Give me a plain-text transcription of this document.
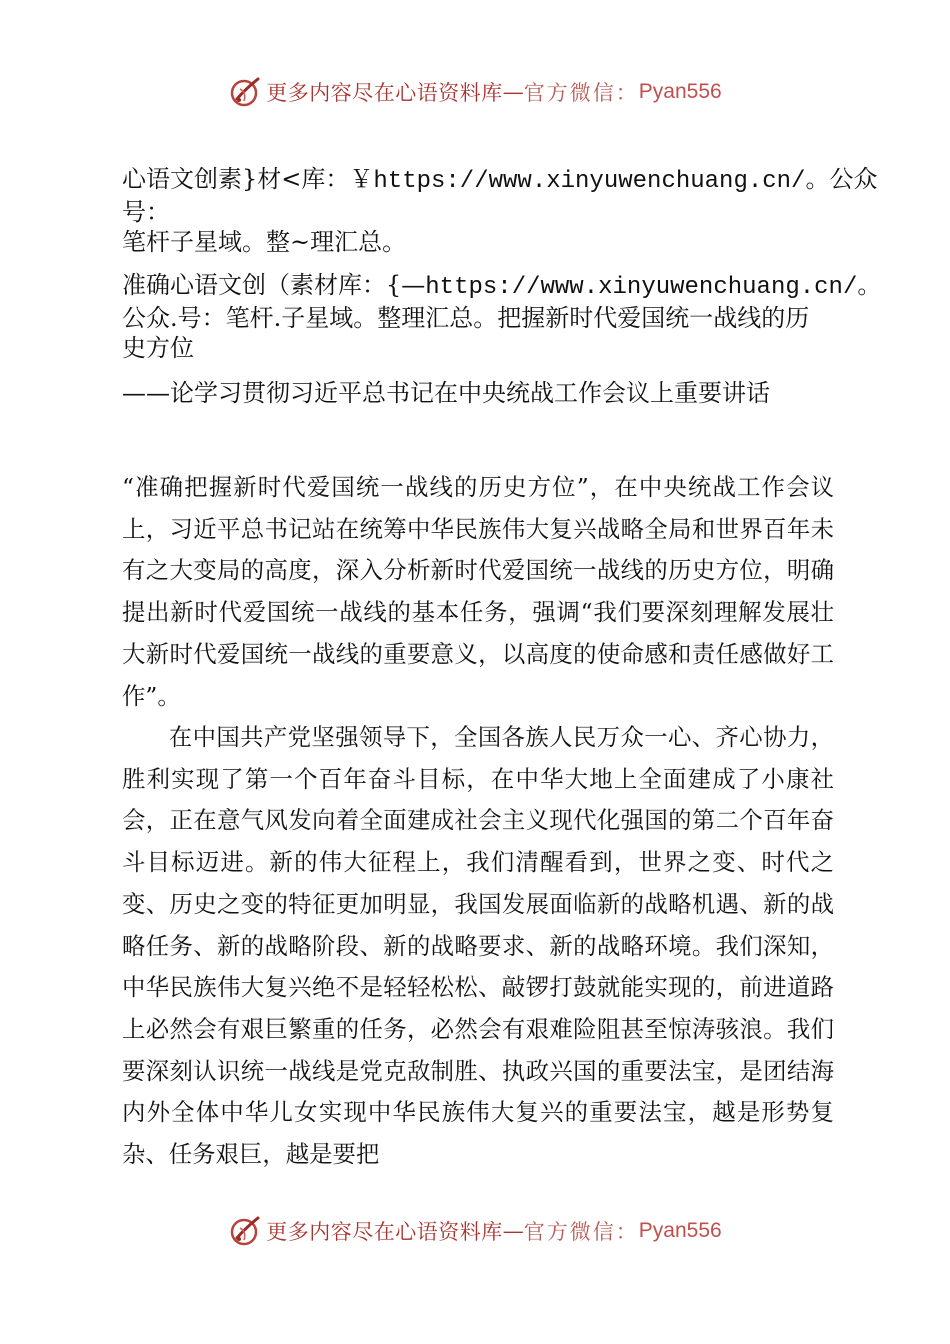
更多内容尽在心语资料库 — 官方微信： Pyan556
心语文创素}材<库：￥https://www.xinyuwenchuang.cn/。公众号：
笔杆子星域。整~理汇总。
准确心语文创（素材库：{—https://www.xinyuwenchuang.cn/。
公众.号：笔杆.子星域。整理汇总。把握新时代爱国统一战线的历
史方位
——论学习贯彻习近平总书记在中央统战工作会议上重要讲话
“准确把握新时代爱国统一战线的历史方位”，在中央统战工作会议上，习近平总书记站在统筹中华民族伟大复兴战略全局和世界百年未有之大变局的高度，深入分析新时代爱国统一战线的历史方位，明确提出新时代爱国统一战线的基本任务，强调“我们要深刻理解发展壮大新时代爱国统一战线的重要意义，以高度的使命感和责任感做好工作”。
在中国共产党坚强领导下，全国各族人民万众一心、齐心协力，胜利实现了第一个百年奋斗目标，在中华大地上全面建成了小康社会，正在意气风发向着全面建成社会主义现代化强国的第二个百年奋斗目标迈进。新的伟大征程上，我们清醒看到，世界之变、时代之变、历史之变的特征更加明显，我国发展面临新的战略机遇、新的战略任务、新的战略阶段、新的战略要求、新的战略环境。我们深知，中华民族伟大复兴绝不是轻轻松松、敲锣打鼓就能实现的，前进道路上必然会有艰巨繁重的任务，必然会有艰难险阻甚至惊涛骇浪。我们要深刻认识统一战线是党克敌制胜、执政兴国的重要法宝，是团结海内外全体中华儿女实现中华民族伟大复兴的重要法宝，越是形势复杂、任务艰巨，越是要把
更多内容尽在心语资料库 — 官方微信： Pyan556
